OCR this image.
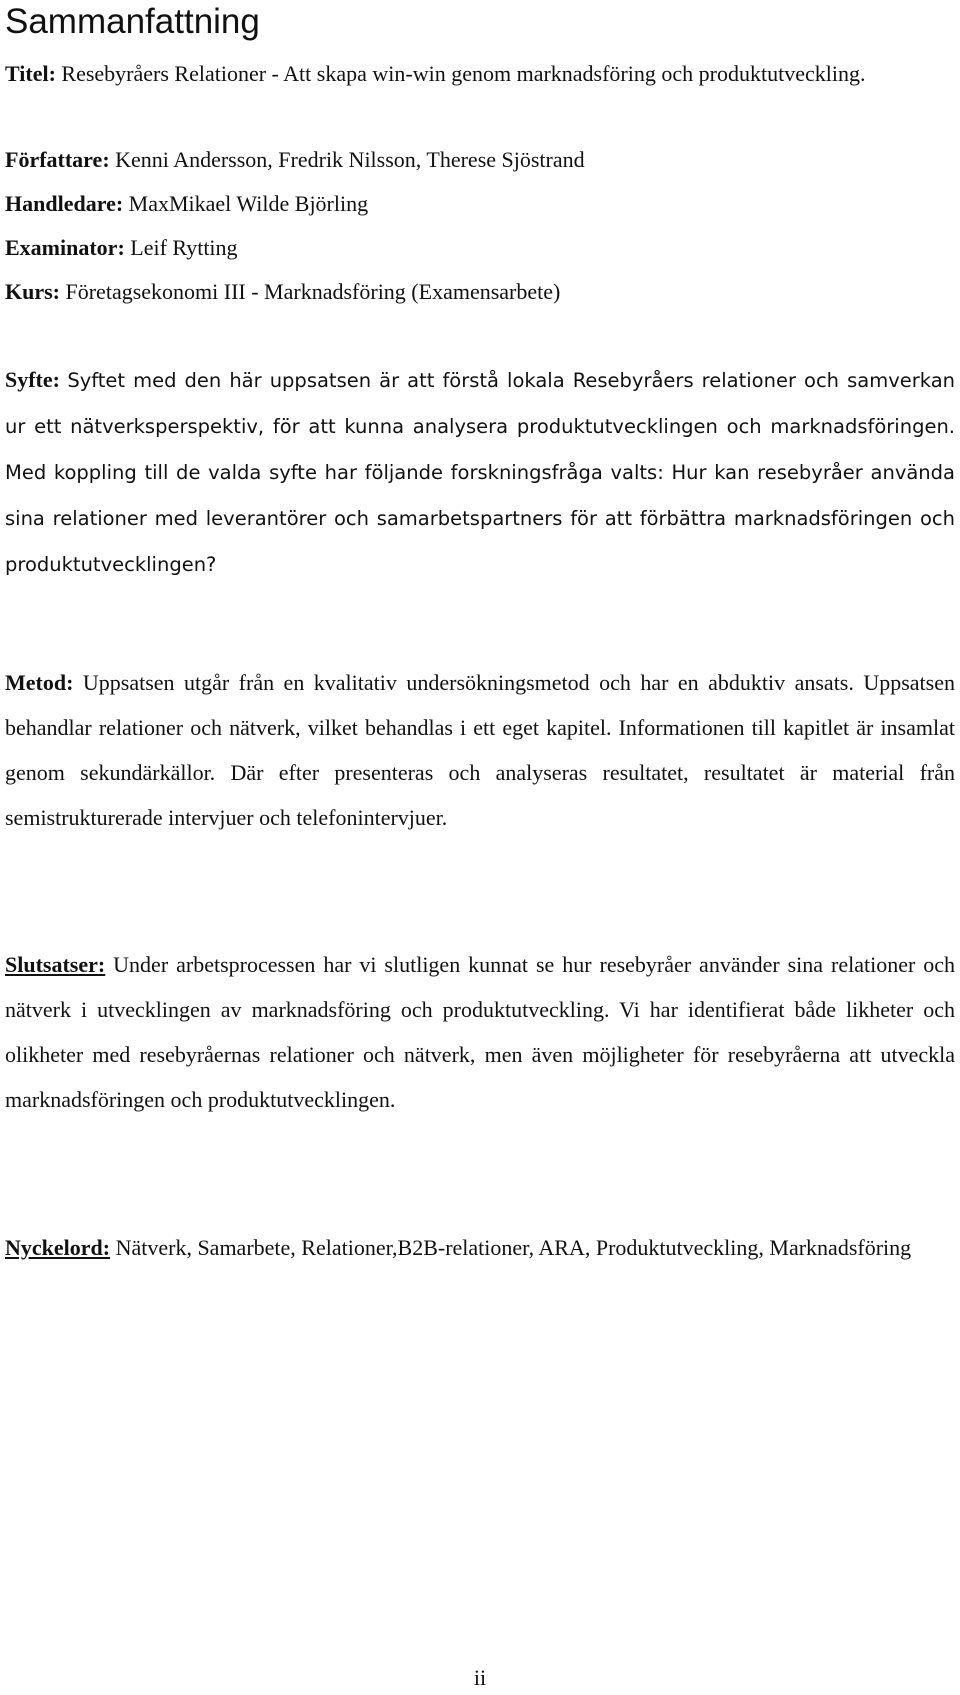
Sammanfattning
Titel: Resebyråers Relationer - Att skapa win-win genom marknadsföring och produktutveckling.
Författare: Kenni Andersson, Fredrik Nilsson, Therese Sjöstrand
Handledare: MaxMikael Wilde Björling
Examinator: Leif Rytting
Kurs: Företagsekonomi III - Marknadsföring (Examensarbete)

Syfte: Syftet med den här uppsatsen är att förstå lokala Resebyråers relationer och samverkan ur ett nätverksperspektiv, för att kunna analysera produktutvecklingen och marknadsföringen. Med koppling till de valda syfte har följande forskningsfråga valts: Hur kan resebyråer använda sina relationer med leverantörer och samarbetspartners för att förbättra marknadsföringen och produktutvecklingen?

Metod: Uppsatsen utgår från en kvalitativ undersökningsmetod och har en abduktiv ansats. Uppsatsen behandlar relationer och nätverk, vilket behandlas i ett eget kapitel. Informationen till kapitlet är insamlat genom sekundärkällor. Där efter presenteras och analyseras resultatet, resultatet är material från semistrukturerade intervjuer och telefonintervjuer.

Slutsatser: Under arbetsprocessen har vi slutligen kunnat se hur resebyråer använder sina relationer och nätverk i utvecklingen av marknadsföring och produktutveckling. Vi har identifierat både likheter och olikheter med resebyråernas relationer och nätverk, men även möjligheter för resebyråerna att utveckla marknadsföringen och produktutvecklingen.

Nyckelord: Nätverk, Samarbete, Relationer,B2B-relationer, ARA, Produktutveckling, Marknadsföring

ii
